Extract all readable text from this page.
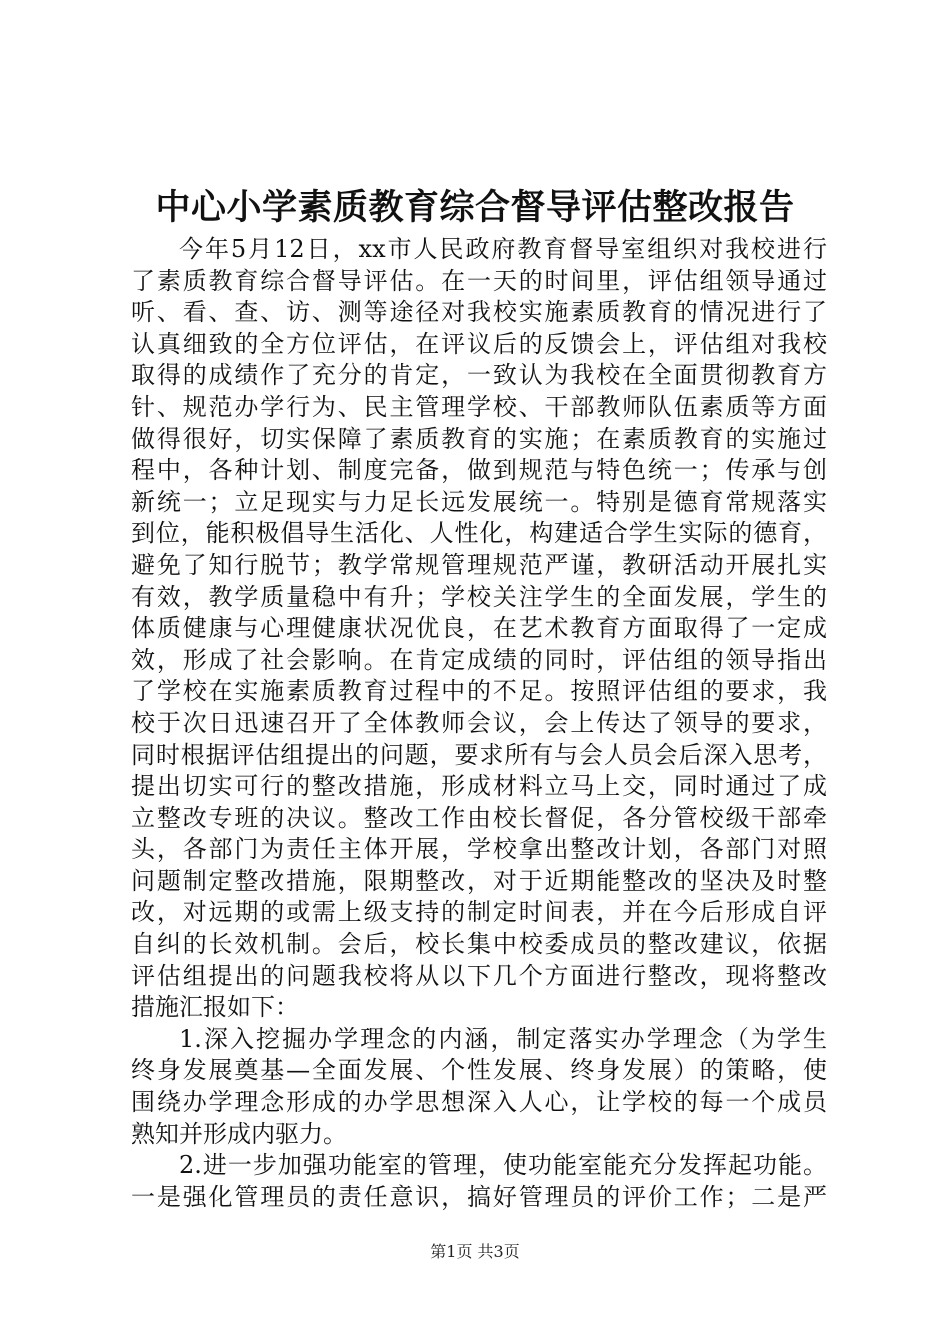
中心小学素质教育综合督导评估整改报告
今年5月12日，xx市人民政府教育督导室组织对我校进行
了素质教育综合督导评估。在一天的时间里，评估组领导通过
听、看、查、访、测等途径对我校实施素质教育的情况进行了
认真细致的全方位评估，在评议后的反馈会上，评估组对我校
取得的成绩作了充分的肯定，一致认为我校在全面贯彻教育方
针、规范办学行为、民主管理学校、干部教师队伍素质等方面
做得很好，切实保障了素质教育的实施；在素质教育的实施过
程中，各种计划、制度完备，做到规范与特色统一；传承与创
新统一；立足现实与力足长远发展统一。特别是德育常规落实
到位，能积极倡导生活化、人性化，构建适合学生实际的德育，
避免了知行脱节；教学常规管理规范严谨，教研活动开展扎实
有效，教学质量稳中有升；学校关注学生的全面发展，学生的
体质健康与心理健康状况优良，在艺术教育方面取得了一定成
效，形成了社会影响。在肯定成绩的同时，评估组的领导指出
了学校在实施素质教育过程中的不足。按照评估组的要求，我
校于次日迅速召开了全体教师会议，会上传达了领导的要求，
同时根据评估组提出的问题，要求所有与会人员会后深入思考，
提出切实可行的整改措施，形成材料立马上交，同时通过了成
立整改专班的决议。整改工作由校长督促，各分管校级干部牵
头，各部门为责任主体开展，学校拿出整改计划，各部门对照
问题制定整改措施，限期整改，对于近期能整改的坚决及时整
改，对远期的或需上级支持的制定时间表，并在今后形成自评
自纠的长效机制。会后，校长集中校委成员的整改建议，依据
评估组提出的问题我校将从以下几个方面进行整改，现将整改
措施汇报如下：
1.深入挖掘办学理念的内涵，制定落实办学理念（为学生
终身发展奠基—全面发展、个性发展、终身发展）的策略，使
围绕办学理念形成的办学思想深入人心，让学校的每一个成员
熟知并形成内驱力。
2.进一步加强功能室的管理，使功能室能充分发挥起功能。
一是强化管理员的责任意识，搞好管理员的评价工作；二是严
第1页 共3页
